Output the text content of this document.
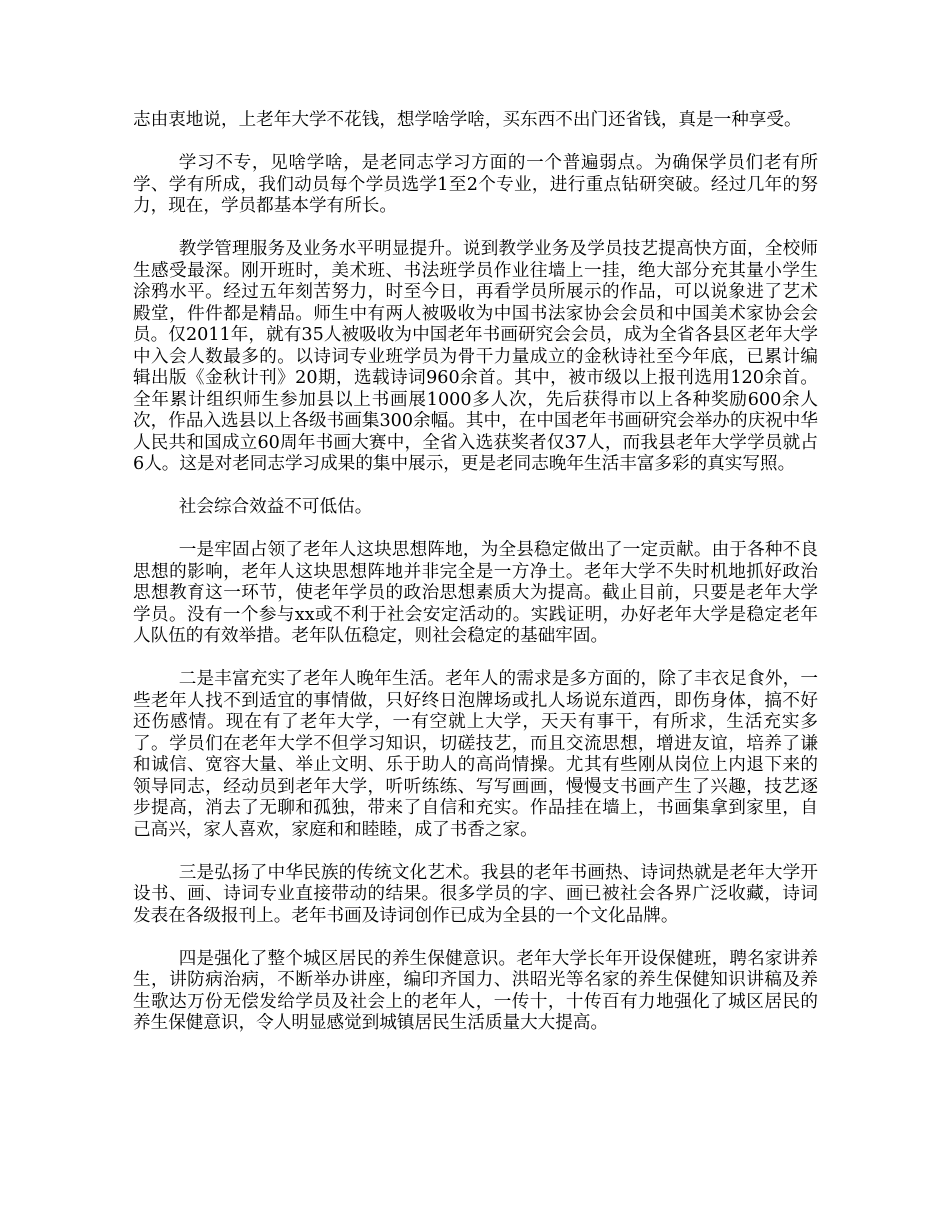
志由衷地说，上老年大学不花钱，想学啥学啥，买东西不出门还省钱，真是一种享受。

学习不专，见啥学啥，是老同志学习方面的一个普遍弱点。为确保学员们老有所学、学有所成，我们动员每个学员选学1至2个专业，进行重点钻研突破。经过几年的努力，现在，学员都基本学有所长。

教学管理服务及业务水平明显提升。说到教学业务及学员技艺提高快方面，全校师生感受最深。刚开班时，美术班、书法班学员作业往墙上一挂，绝大部分充其量小学生涂鸦水平。经过五年刻苦努力，时至今日，再看学员所展示的作品，可以说象进了艺术殿堂，件件都是精品。师生中有两人被吸收为中国书法家协会会员和中国美术家协会会员。仅2011年，就有35人被吸收为中国老年书画研究会会员，成为全省各县区老年大学中入会人数最多的。以诗词专业班学员为骨干力量成立的金秋诗社至今年底，已累计编辑出版《金秋计刊》20期，选载诗词960余首。其中，被市级以上报刊选用120余首。全年累计组织师生参加县以上书画展1000多人次，先后获得市以上各种奖励600余人次，作品入选县以上各级书画集300余幅。其中，在中国老年书画研究会举办的庆祝中华人民共和国成立60周年书画大赛中，全省入选获奖者仅37人，而我县老年大学学员就占6人。这是对老同志学习成果的集中展示，更是老同志晚年生活丰富多彩的真实写照。

社会综合效益不可低估。

一是牢固占领了老年人这块思想阵地，为全县稳定做出了一定贡献。由于各种不良思想的影响，老年人这块思想阵地并非完全是一方净土。老年大学不失时机地抓好政治思想教育这一环节，使老年学员的政治思想素质大为提高。截止目前，只要是老年大学学员。没有一个参与xx或不利于社会安定活动的。实践证明，办好老年大学是稳定老年人队伍的有效举措。老年队伍稳定，则社会稳定的基础牢固。

二是丰富充实了老年人晚年生活。老年人的需求是多方面的，除了丰衣足食外，一些老年人找不到适宜的事情做，只好终日泡牌场或扎人场说东道西，即伤身体，搞不好还伤感情。现在有了老年大学，一有空就上大学，天天有事干，有所求，生活充实多了。学员们在老年大学不但学习知识，切磋技艺，而且交流思想，增进友谊，培养了谦和诚信、宽容大量、举止文明、乐于助人的高尚情操。尤其有些刚从岗位上内退下来的领导同志，经动员到老年大学，听听练练、写写画画，慢慢支书画产生了兴趣，技艺逐步提高，消去了无聊和孤独，带来了自信和充实。作品挂在墙上，书画集拿到家里，自己高兴，家人喜欢，家庭和和睦睦，成了书香之家。

三是弘扬了中华民族的传统文化艺术。我县的老年书画热、诗词热就是老年大学开设书、画、诗词专业直接带动的结果。很多学员的字、画已被社会各界广泛收藏，诗词发表在各级报刊上。老年书画及诗词创作已成为全县的一个文化品牌。

四是强化了整个城区居民的养生保健意识。老年大学长年开设保健班，聘名家讲养生，讲防病治病，不断举办讲座，编印齐国力、洪昭光等名家的养生保健知识讲稿及养生歌达万份无偿发给学员及社会上的老年人，一传十，十传百有力地强化了城区居民的养生保健意识，令人明显感觉到城镇居民生活质量大大提高。
